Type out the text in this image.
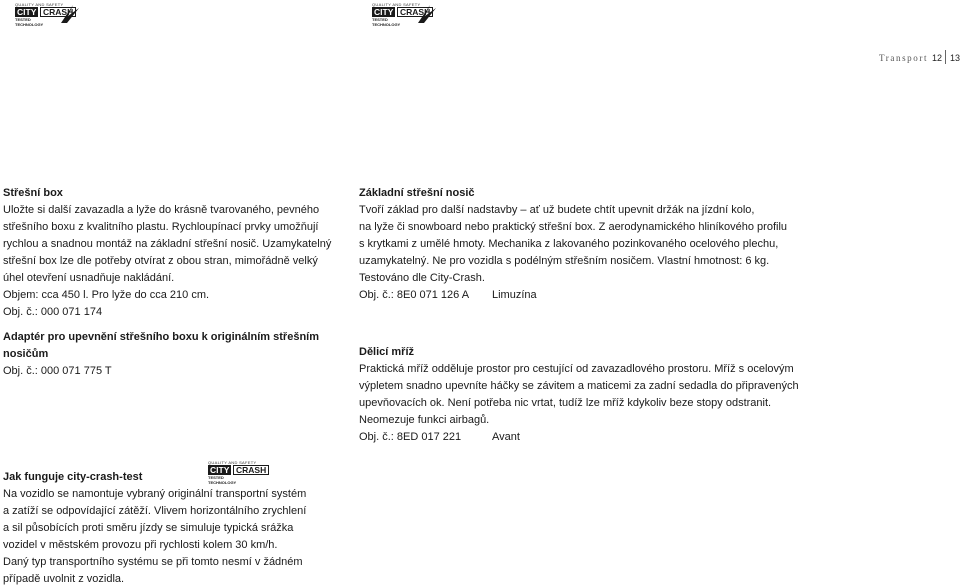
QUALITY AND SAFETY
CITY CRASH
TESTED
TECHNOLOGY
QUALITY AND SAFETY
CITY CRASH
TESTED
TECHNOLOGY
Transport 12 13
Střešní box
Uložte si další zavazadla a lyže do krásně tvarovaného, pevného
střešního boxu z kvalitního plastu. Rychloupínací prvky umožňují
rychlou a snadnou montáž na základní střešní nosič. Uzamykatelný
střešní box lze dle potřeby otvírat z obou stran, mimořádně velký
úhel otevření usnadňuje nakládání.
Objem: cca 450 l. Pro lyže do cca 210 cm.
Obj. č.: 000 071 174
Adaptér pro upevnění střešního boxu k originálním střešním
nosičům
Obj. č.: 000 071 775 T
Základní střešní nosič
Tvoří základ pro další nadstavby – ať už budete chtít upevnit držák na jízdní kolo,
na lyže či snowboard nebo praktický střešní box. Z aerodynamického hliníkového profilu
s krytkami z umělé hmoty. Mechanika z lakovaného pozinkovaného ocelového plechu,
uzamykatelný. Ne pro vozidla s podélným střešním nosičem. Vlastní hmotnost: 6 kg.
Testováno dle City-Crash.
Obj. č.: 8E0 071 126 A Limuzína
Dělicí mříž
Praktická mříž odděluje prostor pro cestující od zavazadlového prostoru. Mříž s ocelovým
výpletem snadno upevníte háčky se závitem a maticemi za zadní sedadla do připravených
upevňovacích ok. Není potřeba nic vrtat, tudíž lze mříž kdykoliv beze stopy odstranit.
Neomezuje funkci airbagů.
Obj. č.: 8ED 017 221	Avant
QUALITY AND SAFETY
CITY CRASH
TESTED
TECHNOLOGY
Jak funguje city-crash-test
Na vozidlo se namontuje vybraný originální transportní systém
a zatíží se odpovídající zátěží. Vlivem horizontálního zrychlení
a sil působících proti směru jízdy se simuluje typická srážka
vozidel v městském provozu při rychlosti kolem 30 km/h.
Daný typ transportního systému se při tomto nesmí v žádném
případě uvolnit z vozidla.
